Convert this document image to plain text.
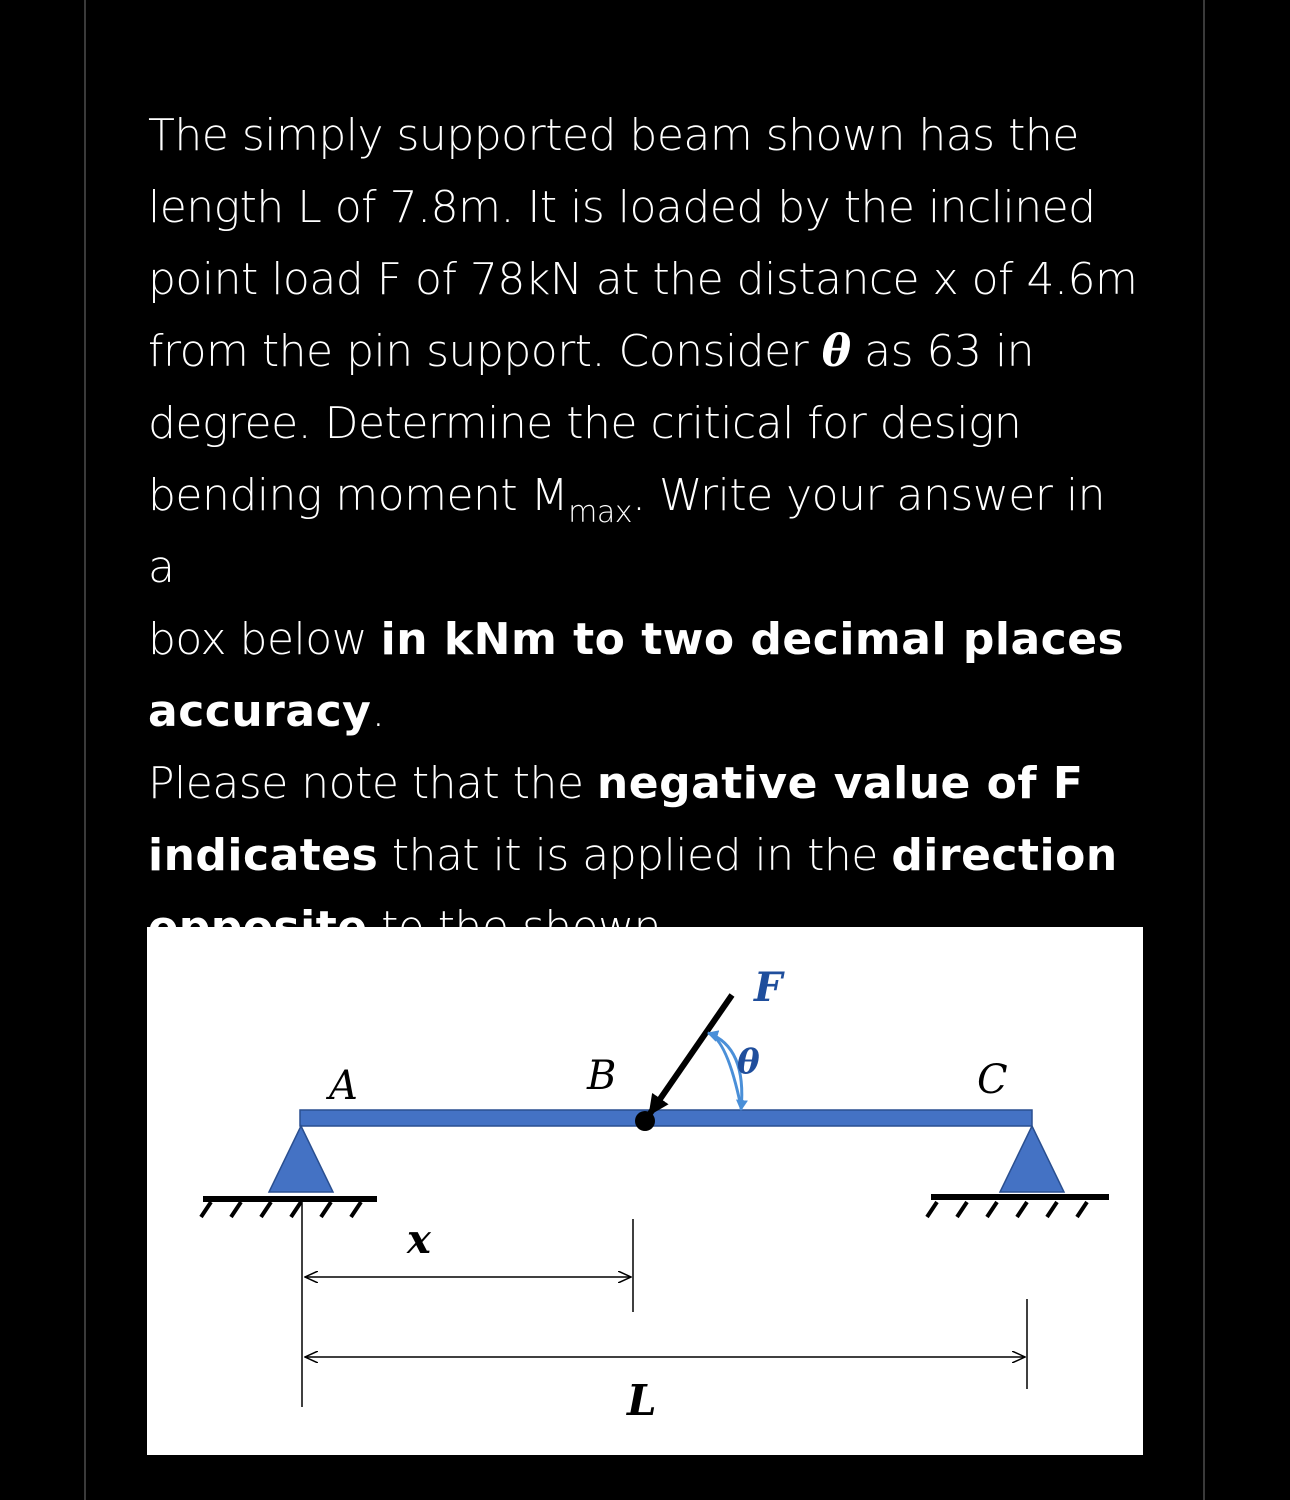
The simply supported beam shown has the
length L of 7.8m. It is loaded by the inclined
point load F of 78kN at the distance x of 4.6m
from the pin support. Consider θ as 63 in
degree. Determine the critical for design
bending moment $M_{max}$. Write your answer in a
box below in kNm to two decimal places
accuracy.
Please note that the negative value of F
indicates that it is applied in the direction
A	B	C
F
θ
x
L
